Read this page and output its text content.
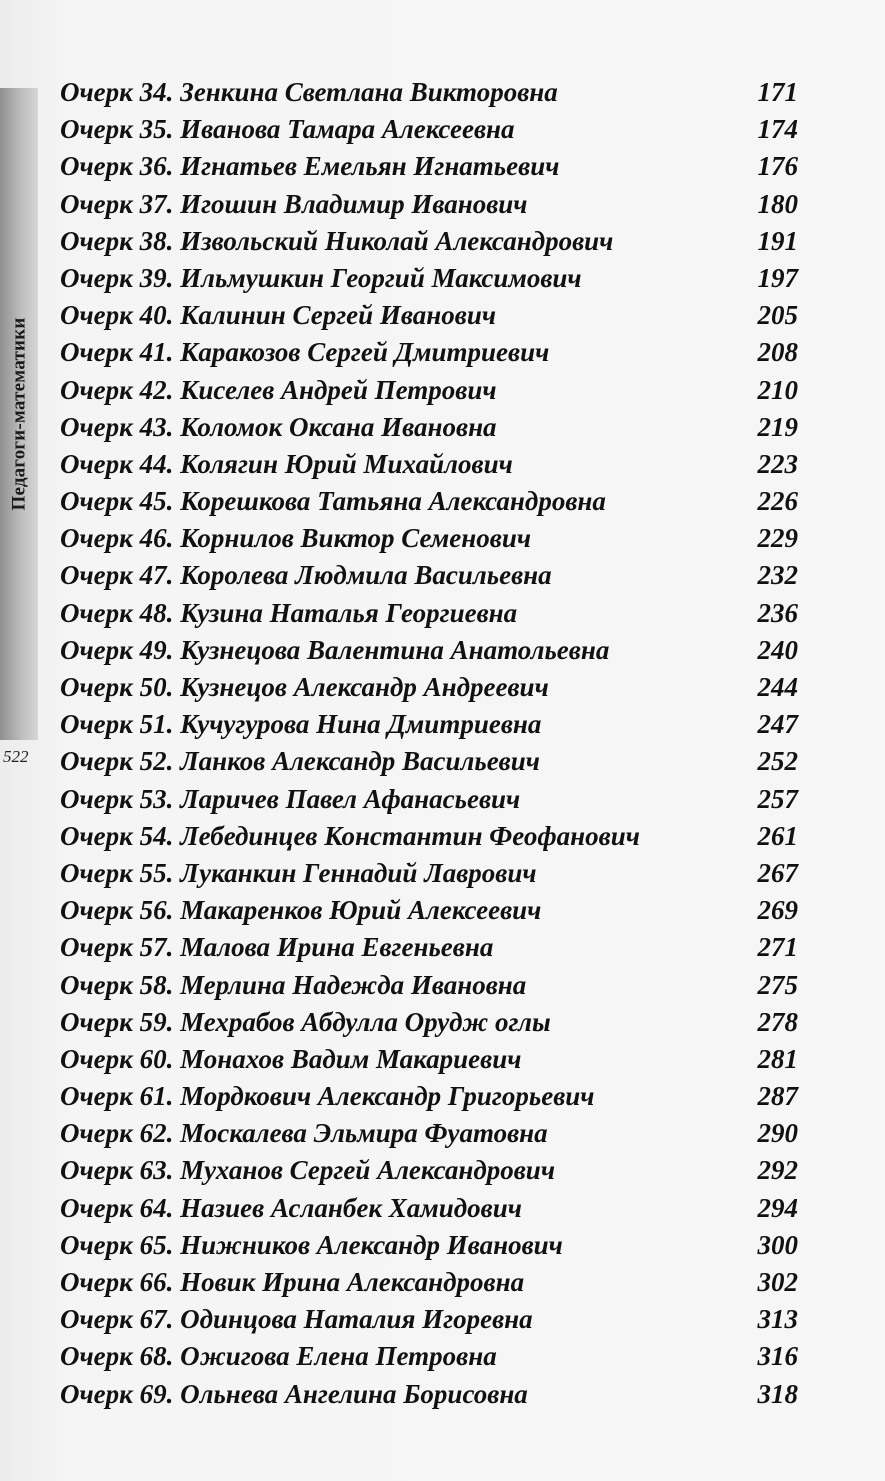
Педагоги-математики
522
Очерк 34. Зенкина Светлана Викторовна	171
Очерк 35. Иванова Тамара Алексеевна	174
Очерк 36. Игнатьев Емельян Игнатьевич	176
Очерк 37. Игошин Владимир Иванович	180
Очерк 38. Извольский Николай Александрович	191
Очерк 39. Ильмушкин Георгий Максимович	197
Очерк 40. Калинин Сергей Иванович	205
Очерк 41. Каракозов Сергей Дмитриевич	208
Очерк 42. Киселев Андрей Петрович	210
Очерк 43. Коломок Оксана Ивановна	219
Очерк 44. Колягин Юрий Михайлович	223
Очерк 45. Корешкова Татьяна Александровна	226
Очерк 46. Корнилов Виктор Семенович	229
Очерк 47. Королева Людмила Васильевна	232
Очерк 48. Кузина Наталья Георгиевна	236
Очерк 49. Кузнецова Валентина Анатольевна	240
Очерк 50. Кузнецов Александр Андреевич	244
Очерк 51. Кучугурова Нина Дмитриевна	247
Очерк 52. Ланков Александр Васильевич	252
Очерк 53. Ларичев Павел Афанасьевич	257
Очерк 54. Лебединцев Константин Феофанович	261
Очерк 55. Луканкин Геннадий Лаврович	267
Очерк 56. Макаренков Юрий Алексеевич	269
Очерк 57. Малова Ирина Евгеньевна	271
Очерк 58. Мерлина Надежда Ивановна	275
Очерк 59. Мехрабов Абдулла Орудж оглы	278
Очерк 60. Монахов Вадим Макариевич	281
Очерк 61. Мордкович Александр Григорьевич	287
Очерк 62. Москалева Эльмира Фуатовна	290
Очерк 63. Муханов Сергей Александрович	292
Очерк 64. Назиев Асланбек Хамидович	294
Очерк 65. Нижников Александр Иванович	300
Очерк 66. Новик Ирина Александровна	302
Очерк 67. Одинцова Наталия Игоревна	313
Очерк 68. Ожигова Елена Петровна	316
Очерк 69. Ольнева Ангелина Борисовна	318
